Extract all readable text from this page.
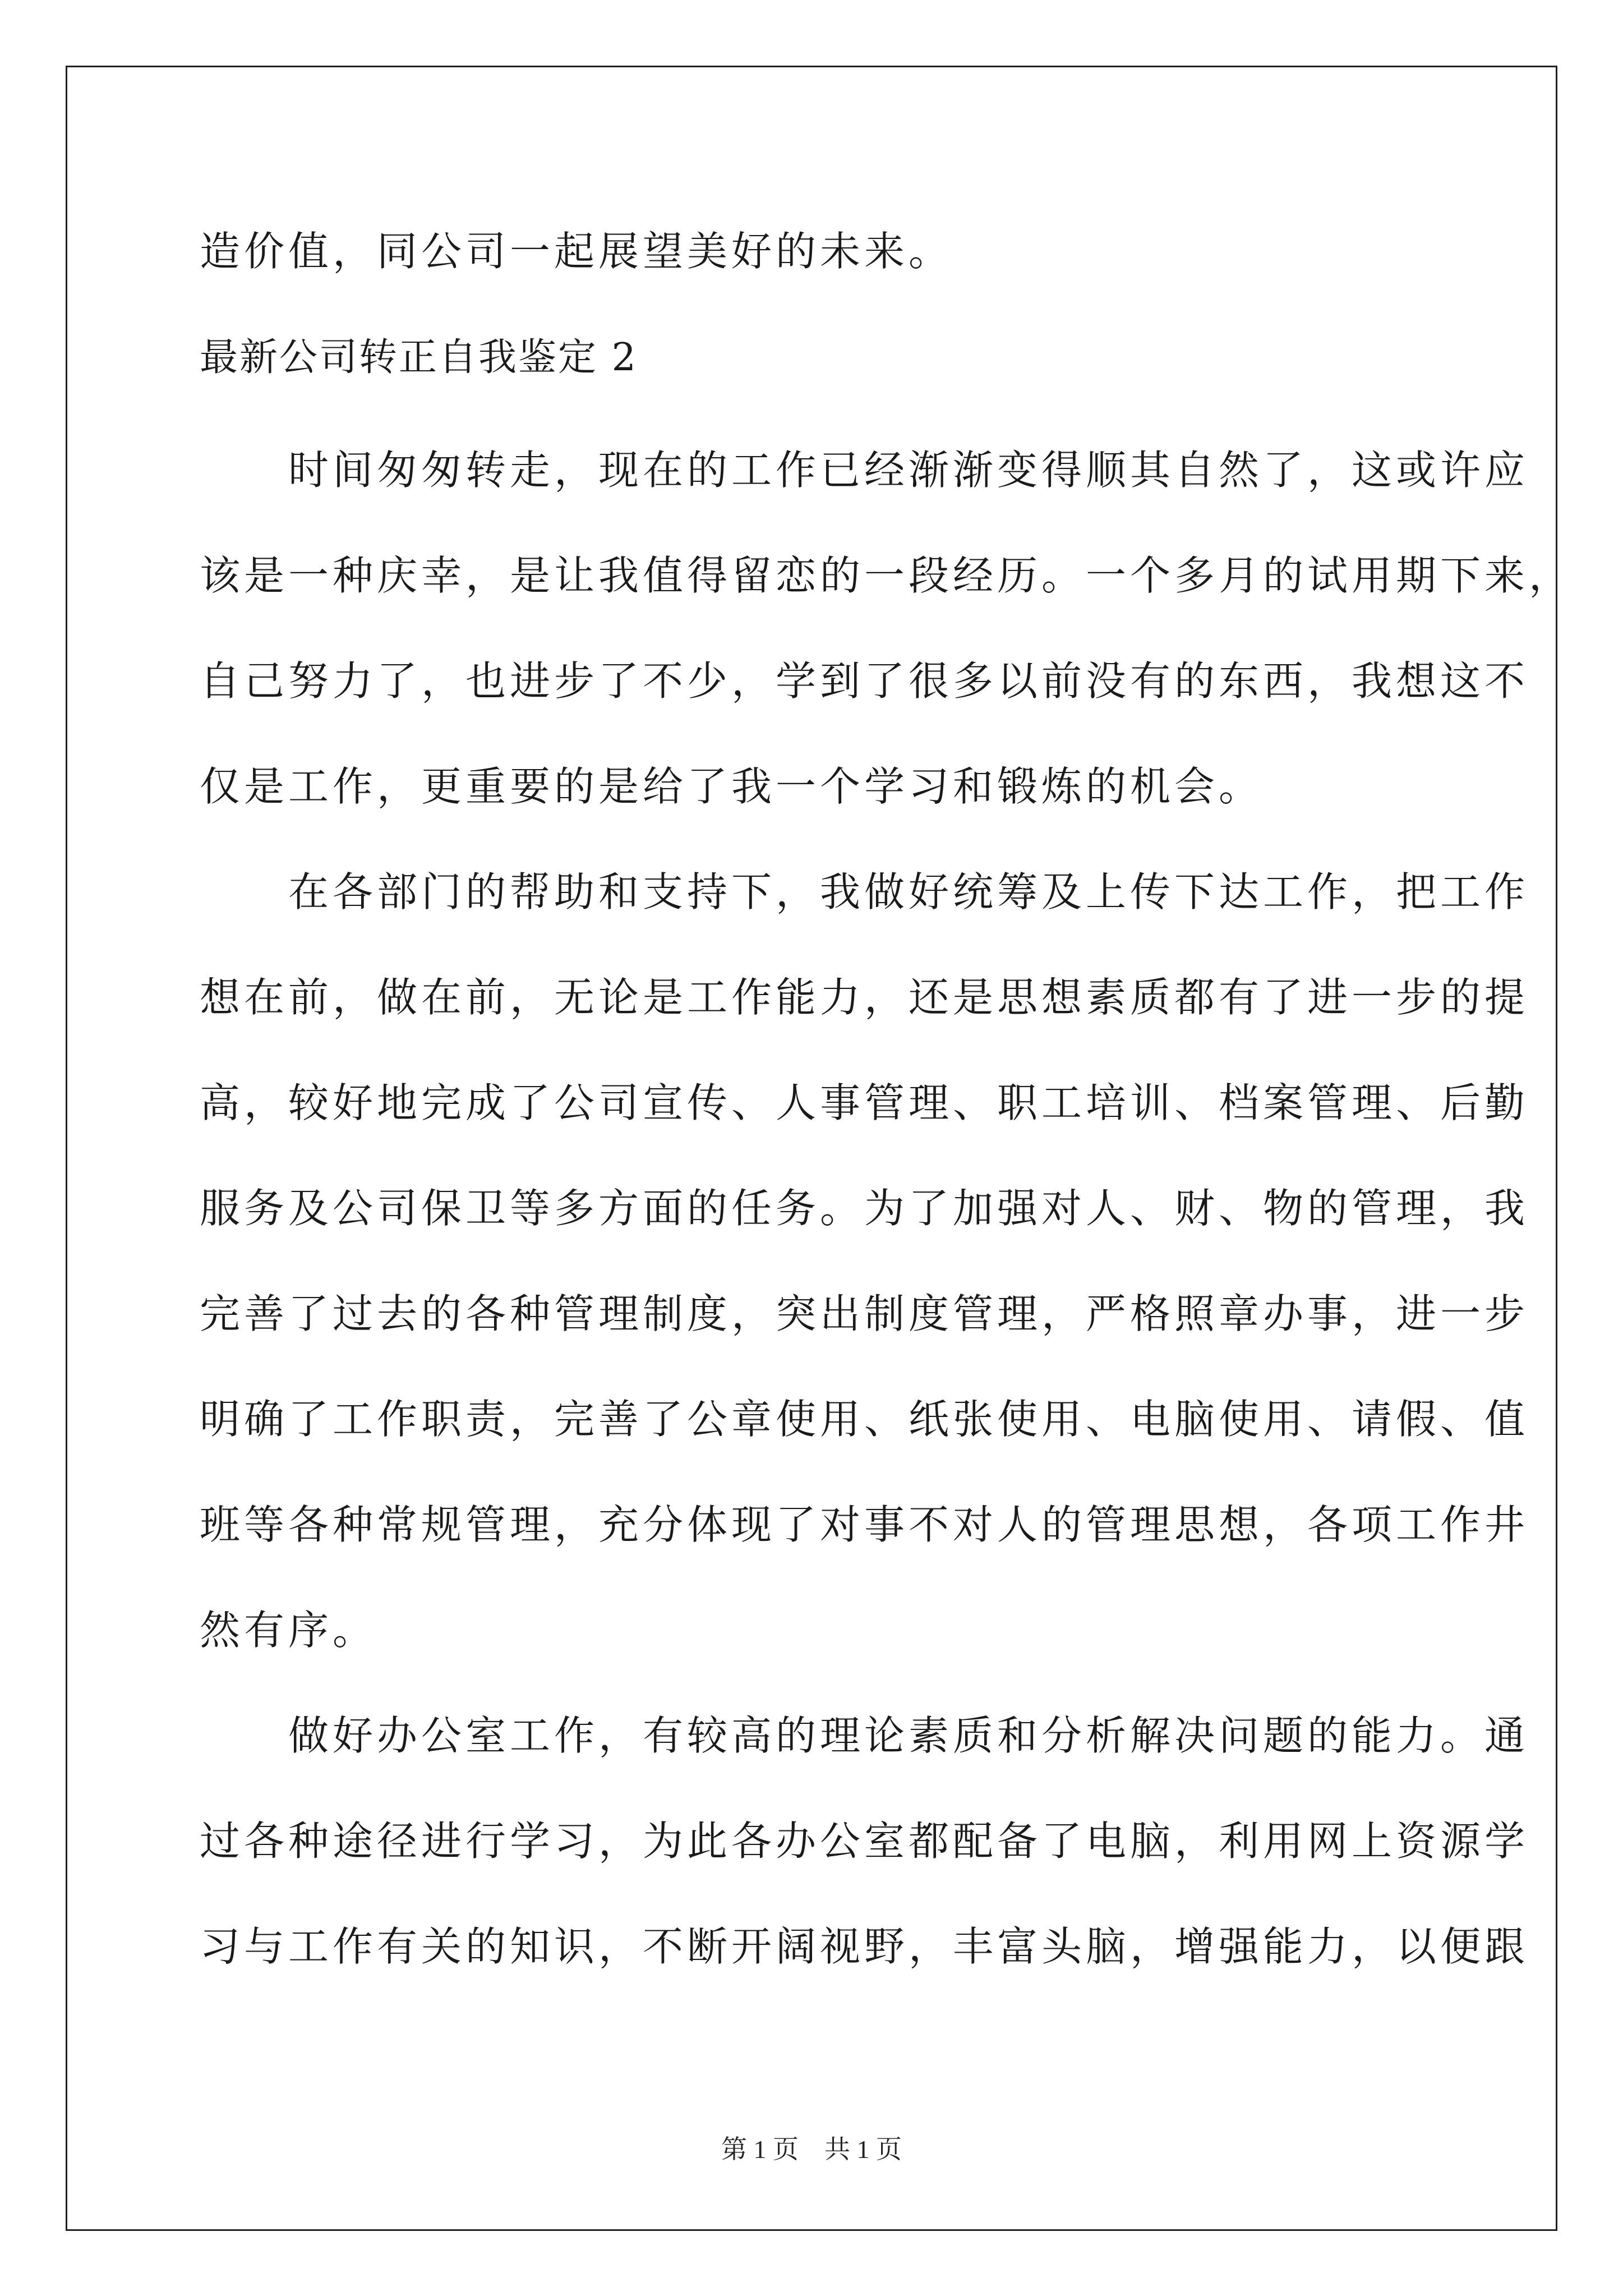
造价值，同公司一起展望美好的未来。
最新公司转正自我鉴定 2
　　时间匆匆转走，现在的工作已经渐渐变得顺其自然了，这或许应
该是一种庆幸，是让我值得留恋的一段经历。一个多月的试用期下来，
自己努力了，也进步了不少，学到了很多以前没有的东西，我想这不
仅是工作，更重要的是给了我一个学习和锻炼的机会。
　　在各部门的帮助和支持下，我做好统筹及上传下达工作，把工作
想在前，做在前，无论是工作能力，还是思想素质都有了进一步的提
高，较好地完成了公司宣传、人事管理、职工培训、档案管理、后勤
服务及公司保卫等多方面的任务。为了加强对人、财、物的管理，我
完善了过去的各种管理制度，突出制度管理，严格照章办事，进一步
明确了工作职责，完善了公章使用、纸张使用、电脑使用、请假、值
班等各种常规管理，充分体现了对事不对人的管理思想，各项工作井
然有序。
　　做好办公室工作，有较高的理论素质和分析解决问题的能力。通
过各种途径进行学习，为此各办公室都配备了电脑，利用网上资源学
习与工作有关的知识，不断开阔视野，丰富头脑，增强能力，以便跟
第 1 页　共 1 页
